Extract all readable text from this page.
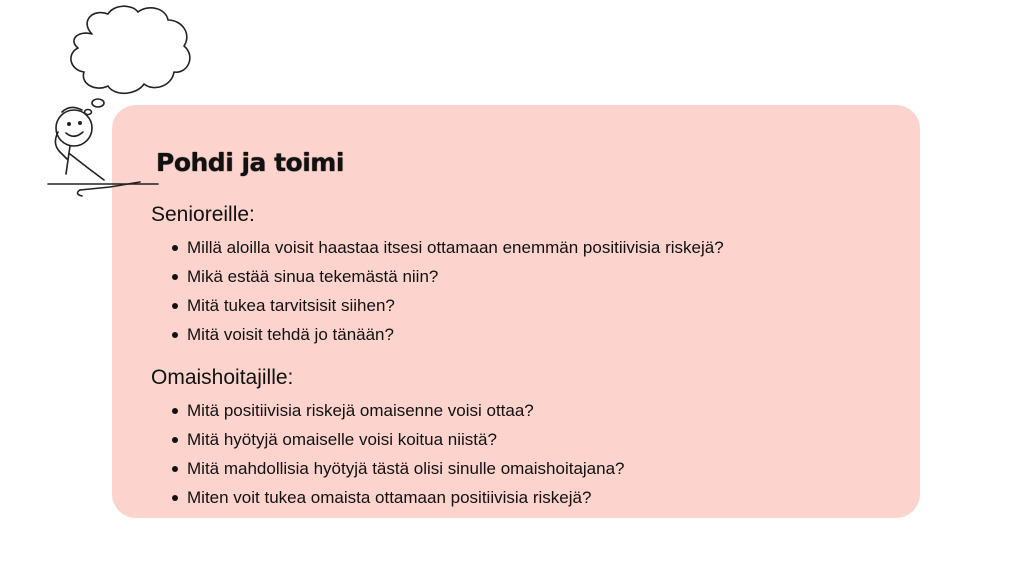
Pohdi ja toimi
Senioreille:
Millä aloilla voisit haastaa itsesi ottamaan enemmän positiivisia riskejä?
Mikä estää sinua tekemästä niin?
Mitä tukea tarvitsisit siihen?
Mitä voisit tehdä jo tänään?
Omaishoitajille:
Mitä positiivisia riskejä omaisenne voisi ottaa?
Mitä hyötyjä omaiselle voisi koitua niistä?
Mitä mahdollisia hyötyjä tästä olisi sinulle omaishoitajana?
Miten voit tukea omaista ottamaan positiivisia riskejä?
